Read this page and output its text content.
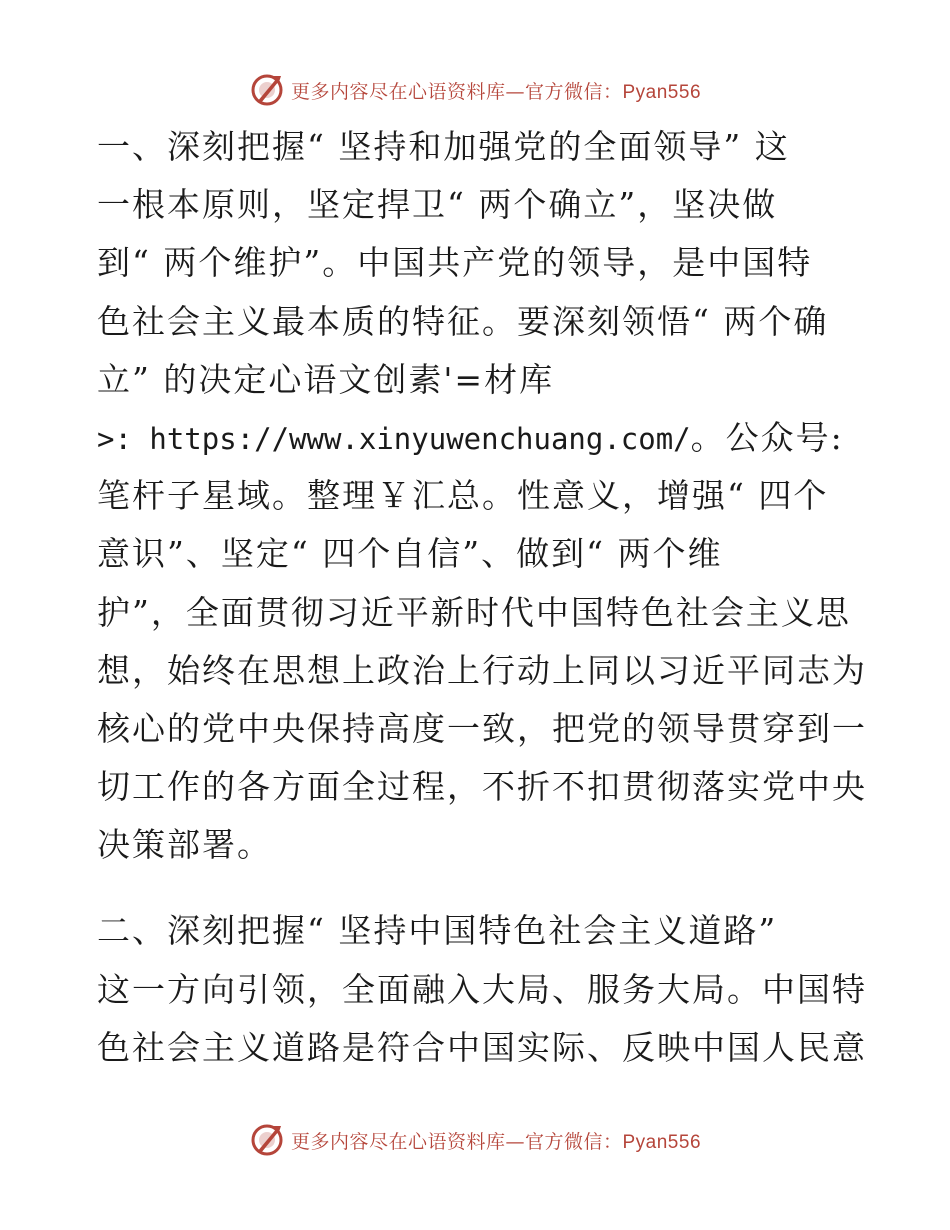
更多内容尽在心语资料库—官方微信：Pyan556
一、深刻把握“ 坚持和加强党的全面领导” 这
一根本原则，坚定捍卫“ 两个确立”，坚决做
到“ 两个维护”。中国共产党的领导，是中国特
色社会主义最本质的特征。要深刻领悟“ 两个确
立” 的决定心语文创素'=材库
>: https://www.xinyuwenchuang.com/。公众号:
笔杆子星域。整理￥汇总。性意义，增强“ 四个
意识”、坚定“ 四个自信”、做到“ 两个维
护”，全面贯彻习近平新时代中国特色社会主义思
想，始终在思想上政治上行动上同以习近平同志为
核心的党中央保持高度一致，把党的领导贯穿到一
切工作的各方面全过程，不折不扣贯彻落实党中央
决策部署。
二、深刻把握“ 坚持中国特色社会主义道路”
这一方向引领，全面融入大局、服务大局。中国特
色社会主义道路是符合中国实际、反映中国人民意
更多内容尽在心语资料库—官方微信：Pyan556
